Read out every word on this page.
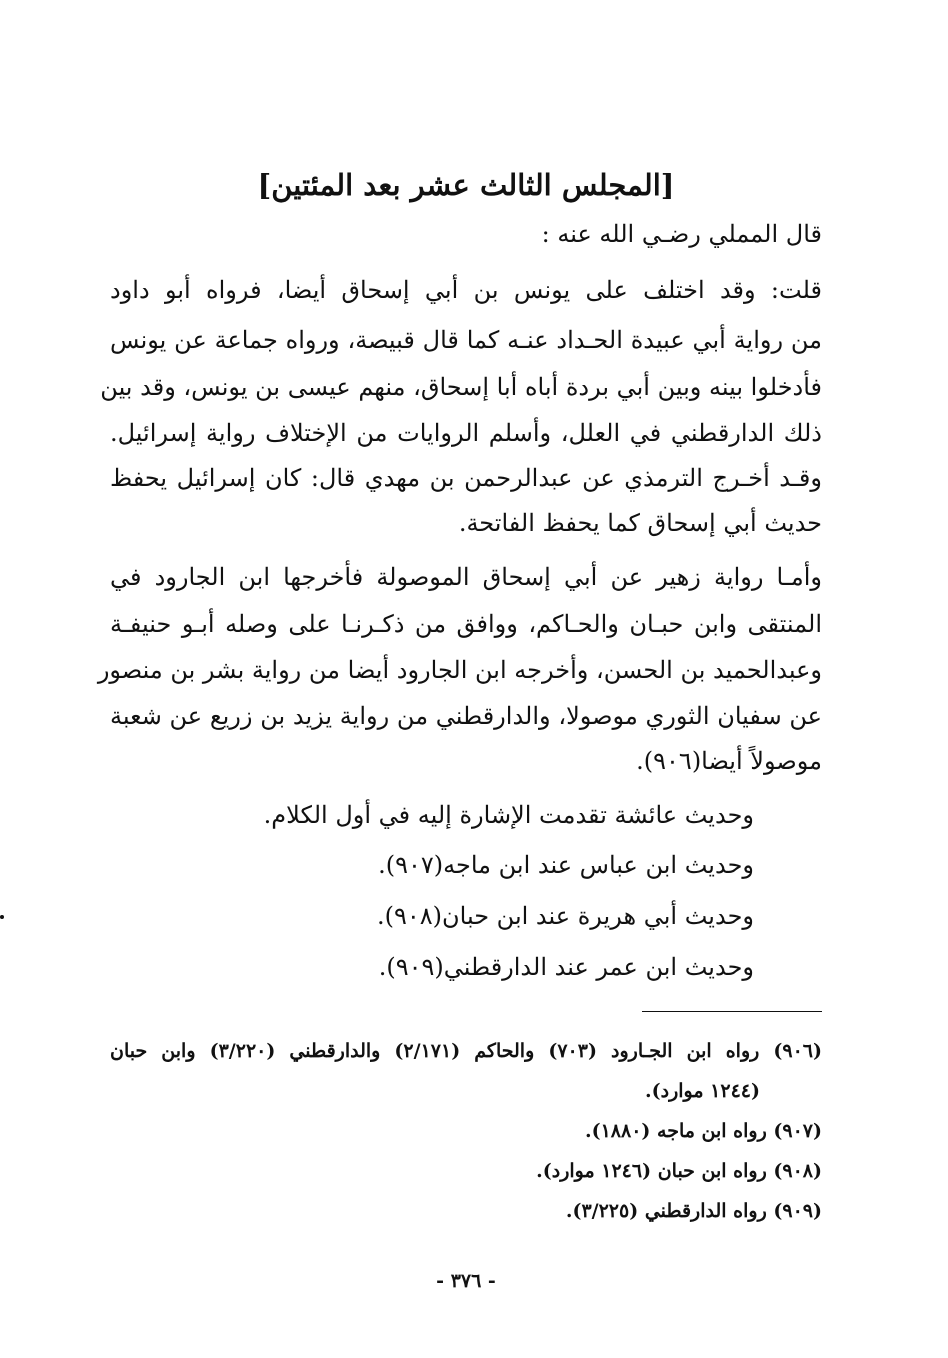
[المجلس الثالث عشر بعد المئتين]
قال المملي رضـي الله عنه :
قلت: وقد اختلف على يونس بن أبي إسحاق أيضا، فرواه أبو داود
من رواية أبي عبيدة الحـداد عنـه كما قال قبيصة، ورواه جماعة عن يونس
فأدخلوا بينه وبين أبي بردة أباه أبا إسحاق، منهم عيسى بن يونس، وقد بين
ذلك الدارقطني في العلل، وأسلم الروايات من الإختلاف رواية إسرائيل.
وقـد أخـرج الترمذي عن عبدالرحمن بن مهدي قال: كان إسرائيل يحفظ
حديث أبي إسحاق كما يحفظ الفاتحة.
وأمـا رواية زهير عن أبي إسحاق الموصولة فأخرجها ابن الجارود في
المنتقى وابن حبـان والحـاكم، ووافق من ذكـرنـا على وصله أبـو حنيفـة
وعبدالحميد بن الحسن، وأخرجه ابن الجارود أيضا من رواية بشر بن منصور
عن سفيان الثوري موصولا، والدارقطني من رواية يزيد بن زريع عن شعبة
موصولاً أيضا(٩٠٦).
وحديث عائشة تقدمت الإشارة إليه في أول الكلام.
وحديث ابن عباس عند ابن ماجه(٩٠٧).
وحديث أبي هريرة عند ابن حبان(٩٠٨).
وحديث ابن عمر عند الدارقطني(٩٠٩).
(٩٠٦) رواه ابن الجـارود (٧٠٣) والحاكم (٢/١٧١) والدارقطني (٣/٢٢٠) وابن حبان
(١٢٤٤ موارد).
(٩٠٧) رواه ابن ماجه (١٨٨٠).
(٩٠٨) رواه ابن حبان (١٢٤٦ موارد).
(٩٠٩) رواه الدارقطني (٣/٢٢٥).
- ٣٧٦ -
